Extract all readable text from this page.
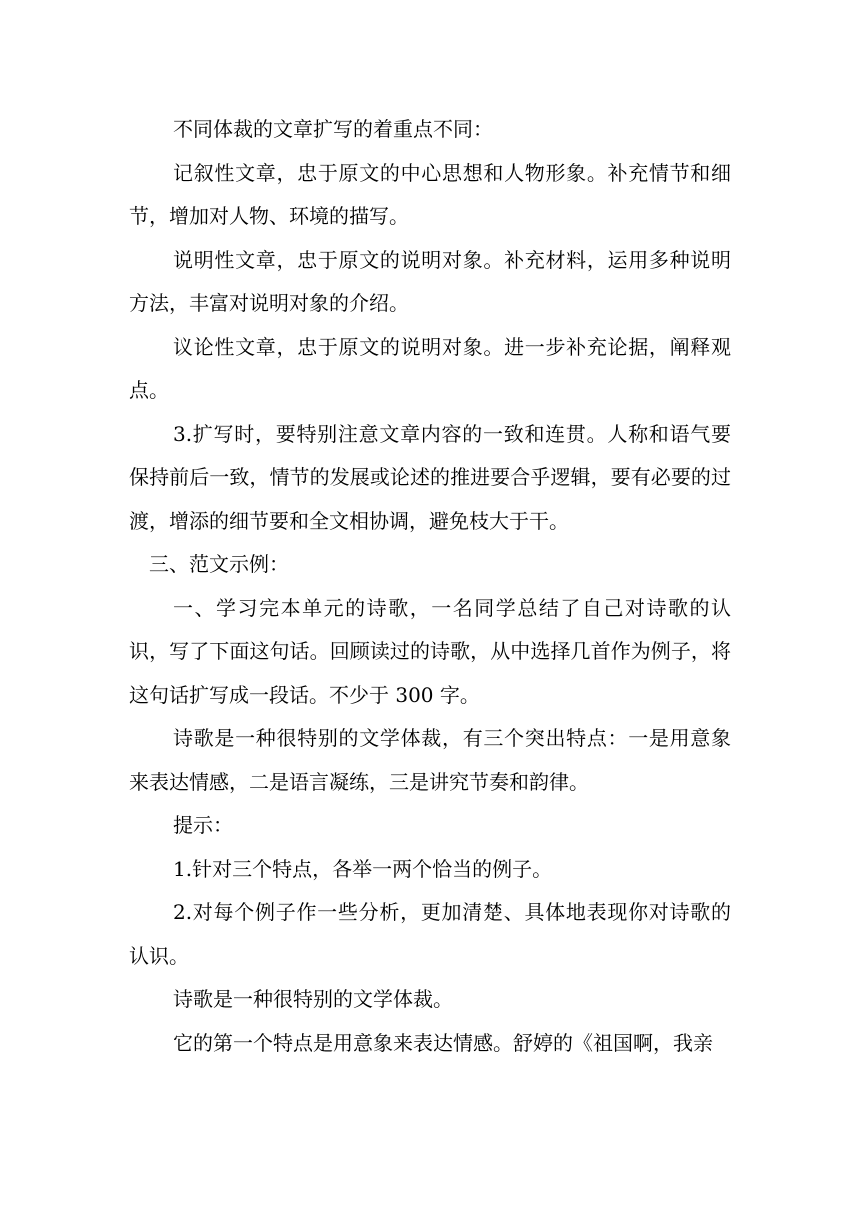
不同体裁的文章扩写的着重点不同：

记叙性文章，忠于原文的中心思想和人物形象。补充情节和细节，增加对人物、环境的描写。

说明性文章，忠于原文的说明对象。补充材料，运用多种说明方法，丰富对说明对象的介绍。

议论性文章，忠于原文的说明对象。进一步补充论据，阐释观点。

3.扩写时，要特别注意文章内容的一致和连贯。人称和语气要保持前后一致，情节的发展或论述的推进要合乎逻辑，要有必要的过渡，增添的细节要和全文相协调，避免枝大于干。

三、范文示例：

一、学习完本单元的诗歌，一名同学总结了自己对诗歌的认识，写了下面这句话。回顾读过的诗歌，从中选择几首作为例子，将这句话扩写成一段话。不少于 300 字。

诗歌是一种很特别的文学体裁，有三个突出特点：一是用意象来表达情感，二是语言凝练，三是讲究节奏和韵律。

提示：

1.针对三个特点，各举一两个恰当的例子。

2.对每个例子作一些分析，更加清楚、具体地表现你对诗歌的认识。

诗歌是一种很特别的文学体裁。

它的第一个特点是用意象来表达情感。舒婷的《祖国啊，我亲
